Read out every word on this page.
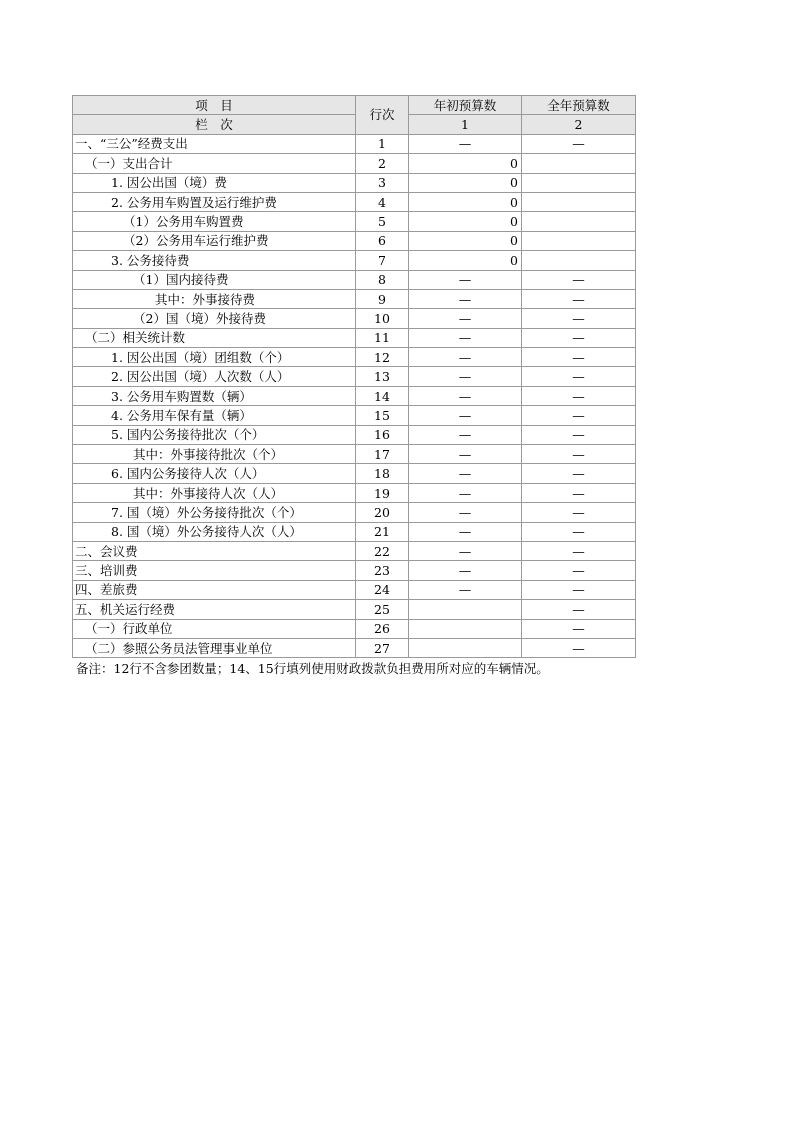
项　目	行次	年初预算数	全年预算数
栏　次		1	2
一、“三公”经费支出	1	—	—
（一）支出合计	2	0	
1. 因公出国（境）费	3	0	
2. 公务用车购置及运行维护费	4	0	
（1）公务用车购置费	5	0	
（2）公务用车运行维护费	6	0	
3. 公务接待费	7	0	
（1）国内接待费	8	—	—
其中：外事接待费	9	—	—
（2）国（境）外接待费	10	—	—
（二）相关统计数	11	—	—
1. 因公出国（境）团组数（个）	12	—	—
2. 因公出国（境）人次数（人）	13	—	—
3. 公务用车购置数（辆）	14	—	—
4. 公务用车保有量（辆）	15	—	—
5. 国内公务接待批次（个）	16	—	—
其中：外事接待批次（个）	17	—	—
6. 国内公务接待人次（人）	18	—	—
其中：外事接待人次（人）	19	—	—
7. 国（境）外公务接待批次（个）	20	—	—
8. 国（境）外公务接待人次（人）	21	—	—
二、会议费	22	—	—
三、培训费	23	—	—
四、差旅费	24	—	—
五、机关运行经费	25		—
（一）行政单位	26		—
（二）参照公务员法管理事业单位	27		—
备注：12行不含参团数量；14、15行填列使用财政拨款负担费用所对应的车辆情况。
